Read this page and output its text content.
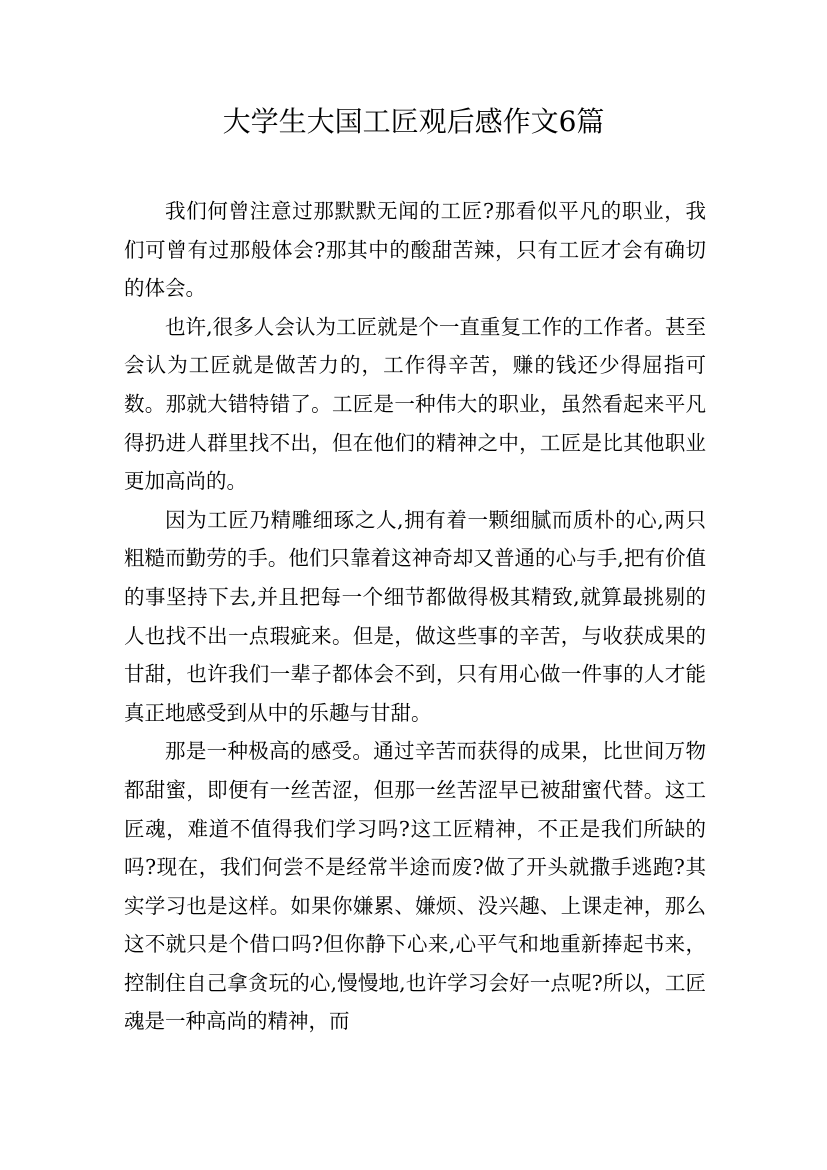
大学生大国工匠观后感作文6篇

我们何曾注意过那默默无闻的工匠?那看似平凡的职业，我们可曾有过那般体会?那其中的酸甜苦辣，只有工匠才会有确切的体会。

也许,很多人会认为工匠就是个一直重复工作的工作者。甚至会认为工匠就是做苦力的，工作得辛苦，赚的钱还少得屈指可数。那就大错特错了。工匠是一种伟大的职业，虽然看起来平凡得扔进人群里找不出，但在他们的精神之中，工匠是比其他职业更加高尚的。

因为工匠乃精雕细琢之人,拥有着一颗细腻而质朴的心,两只粗糙而勤劳的手。他们只靠着这神奇却又普通的心与手,把有价值的事坚持下去,并且把每一个细节都做得极其精致,就算最挑剔的人也找不出一点瑕疵来。但是，做这些事的辛苦，与收获成果的甘甜，也许我们一辈子都体会不到，只有用心做一件事的人才能真正地感受到从中的乐趣与甘甜。

那是一种极高的感受。通过辛苦而获得的成果，比世间万物都甜蜜，即便有一丝苦涩，但那一丝苦涩早已被甜蜜代替。这工匠魂，难道不值得我们学习吗?这工匠精神，不正是我们所缺的吗?现在，我们何尝不是经常半途而废?做了开头就撒手逃跑?其实学习也是这样。如果你嫌累、嫌烦、没兴趣、上课走神，那么这不就只是个借口吗?但你静下心来,心平气和地重新捧起书来，控制住自己拿贪玩的心,慢慢地,也许学习会好一点呢?所以，工匠魂是一种高尚的精神，而
